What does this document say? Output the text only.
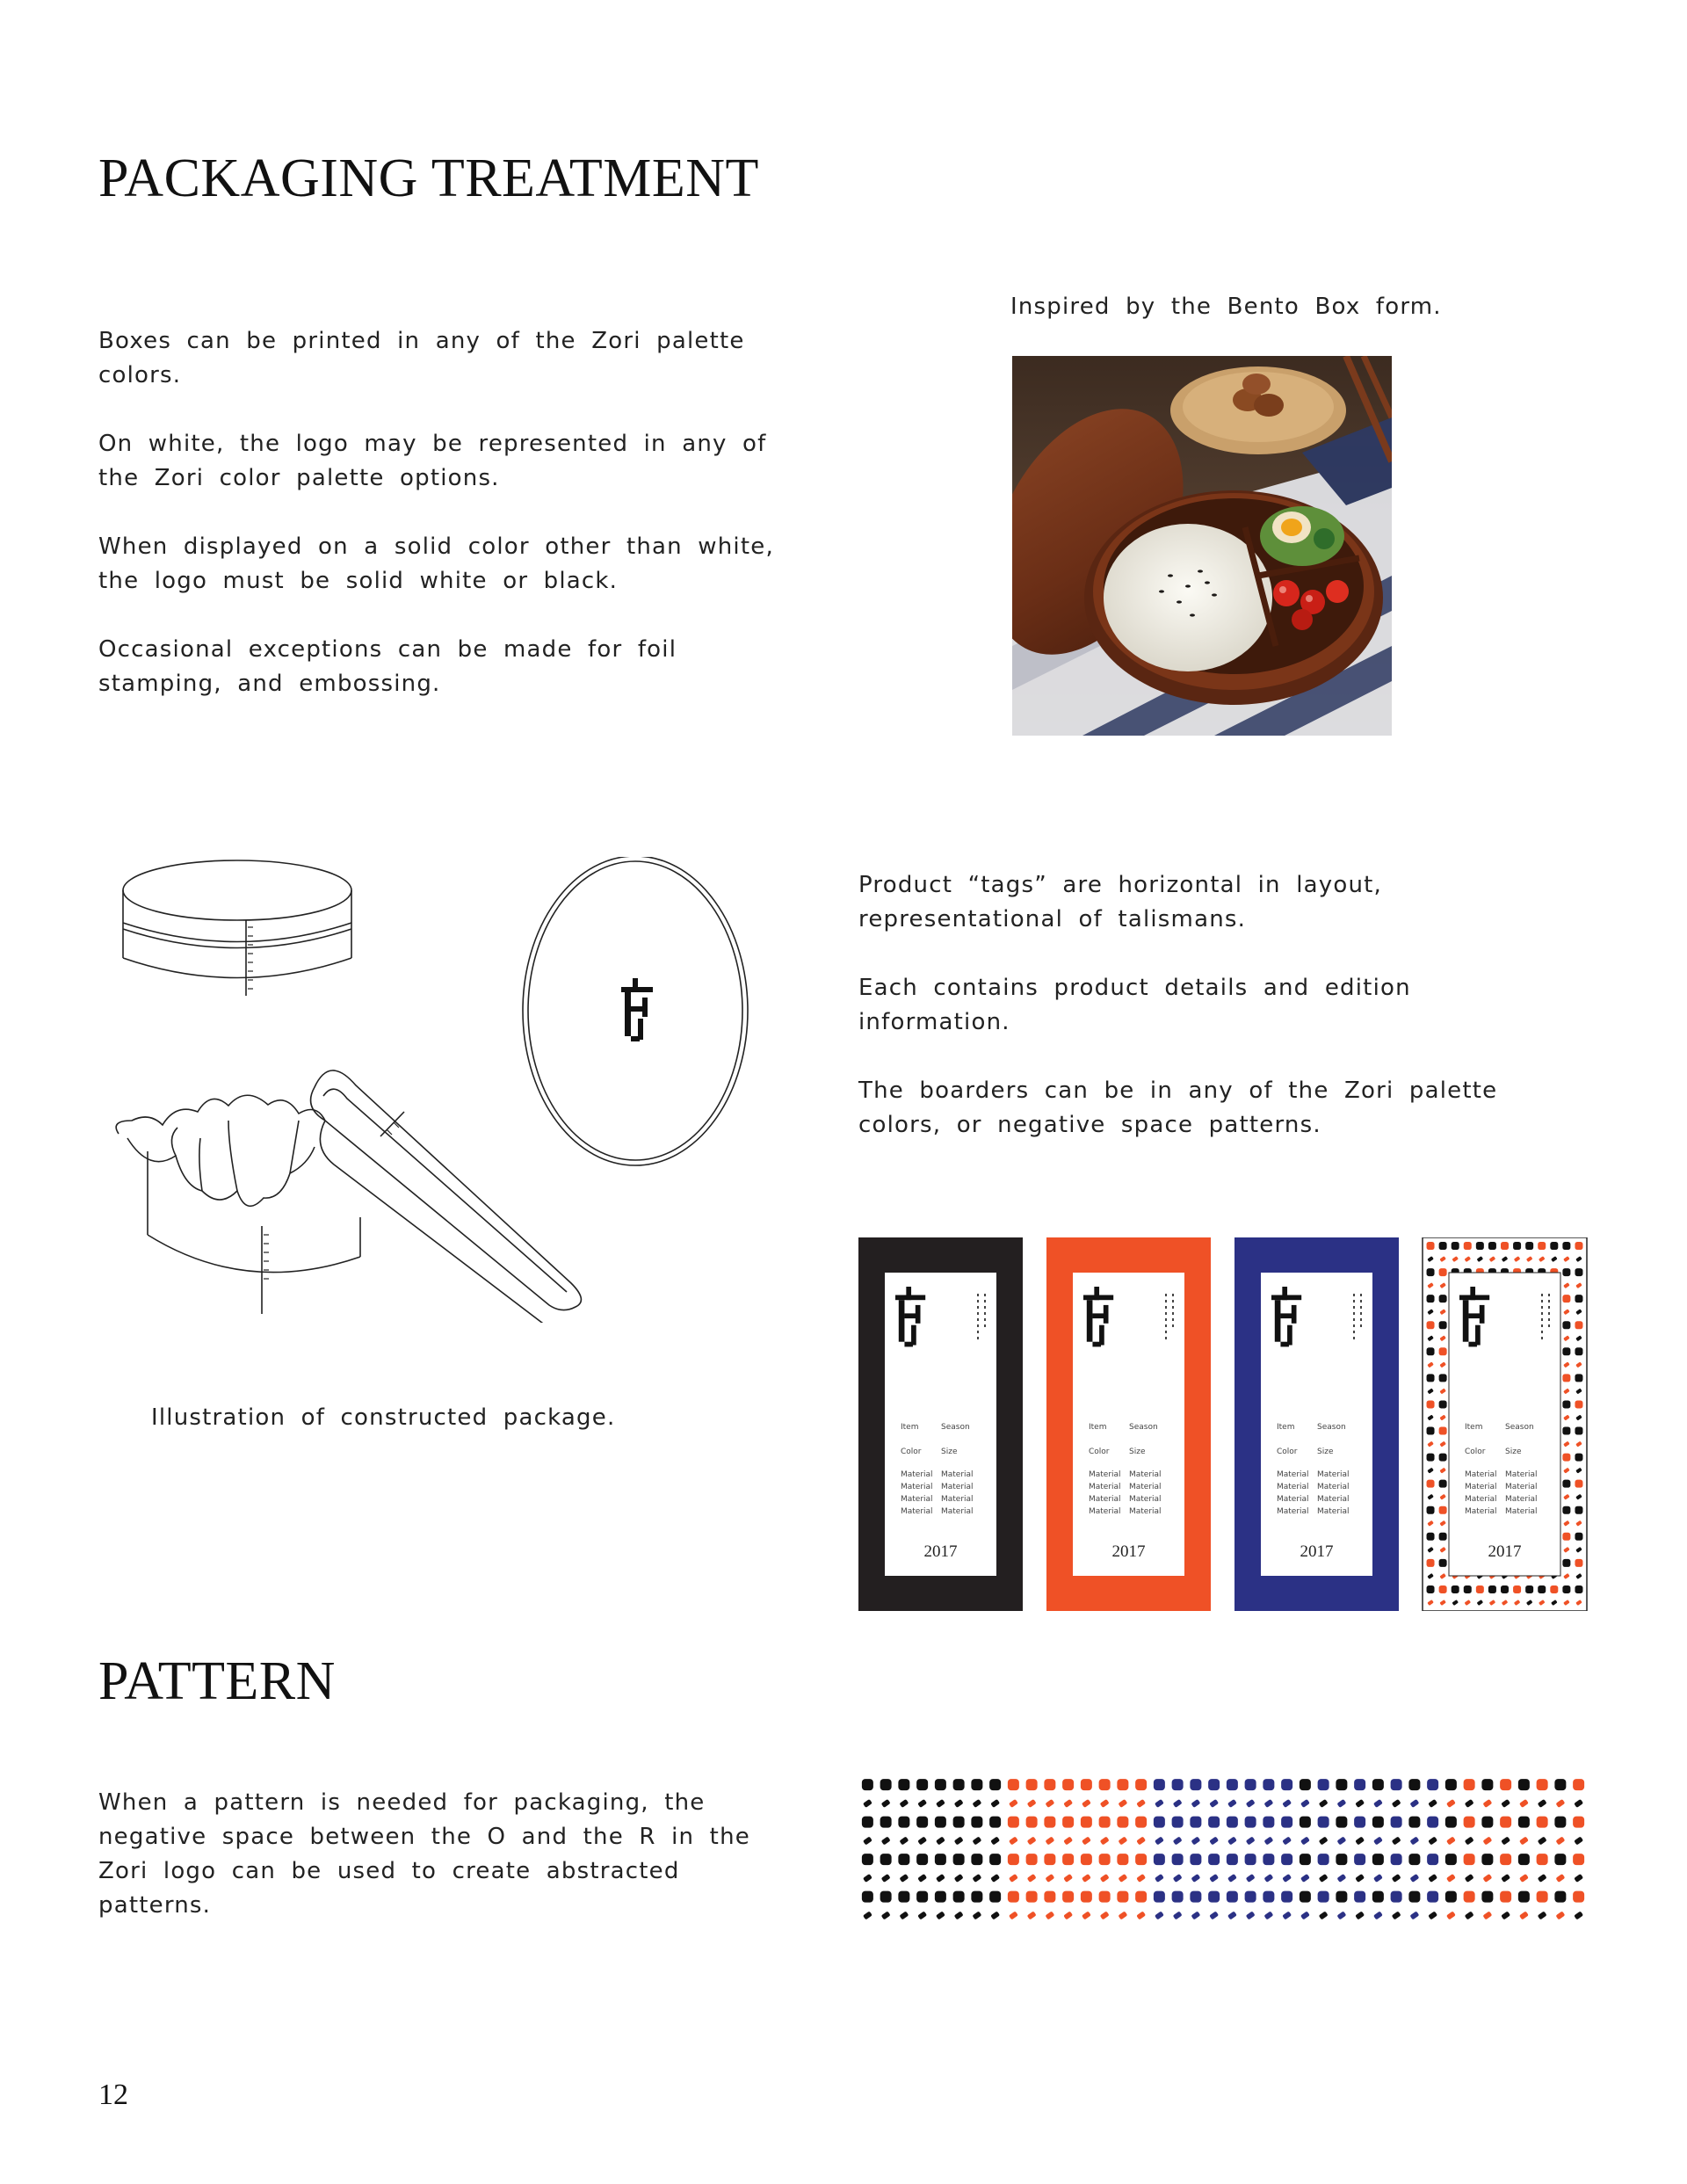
PACKAGING TREATMENT

Boxes can be printed in any of the Zori palette colors.

On white, the logo may be represented in any of the Zori color palette options.

When displayed on a solid color other than white, the logo must be solid white or black.

Occasional exceptions can be made for foil stamping, and embossing.

Inspired by the Bento Box form.
Illustration of constructed package.

Product “tags” are horizontal in layout, representational of talismans.

Each contains product details and edition information.

The boarders can be in any of the Zori palette colors, or negative space patterns.

Item	Season
Color	Size
Material Material
Material Material
Material Material
Material Material
2017
Item	Season
Color	Size
Material Material
Material Material
Material Material
Material Material
2017
Item	Season
Color	Size
Material Material
Material Material
Material Material
Material Material
2017
Item	Season
Color	Size
Material Material
Material Material
Material Material
Material Material
2017
PATTERN
When a pattern is needed for packaging, the negative space between the O and the R in the Zori logo can be used to create abstracted patterns.
12
